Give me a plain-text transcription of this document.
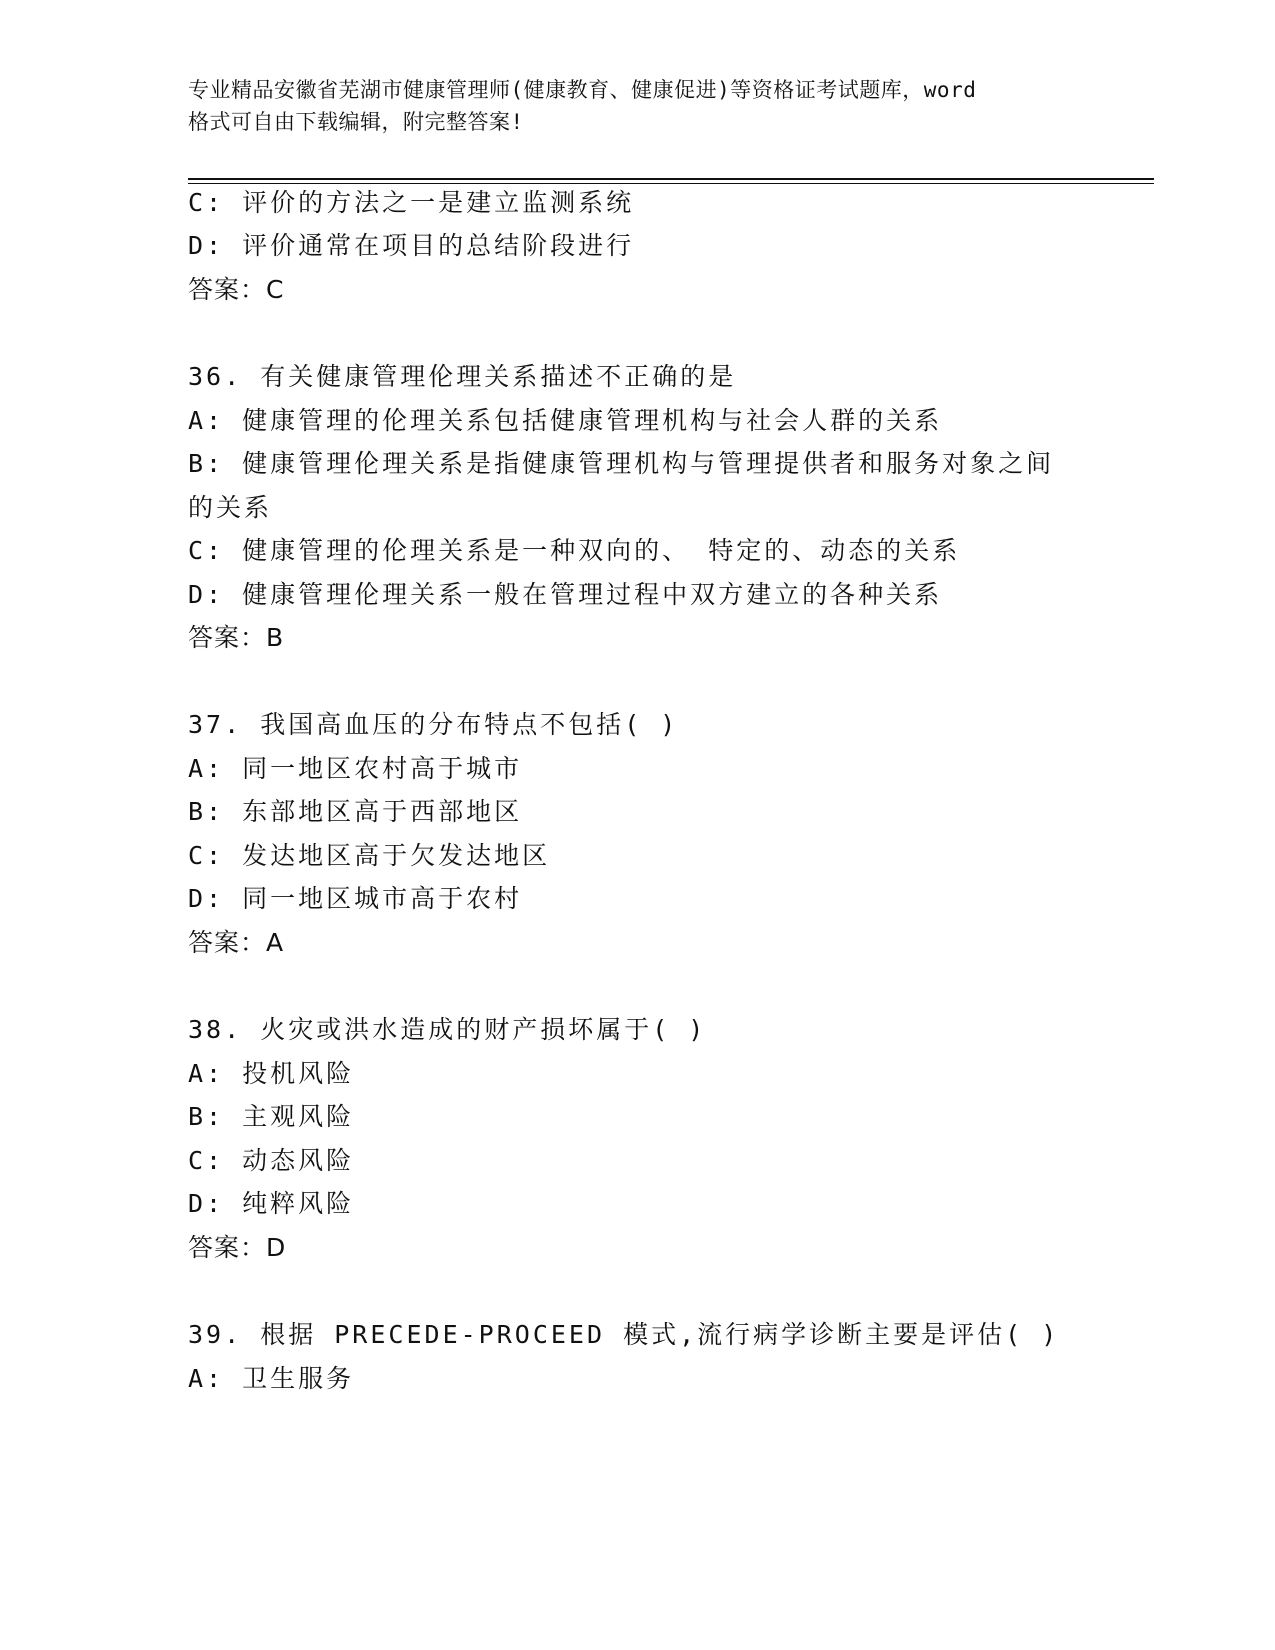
专业精品安徽省芜湖市健康管理师(健康教育、健康促进)等资格证考试题库，word
格式可自由下载编辑，附完整答案!
C: 评价的方法之一是建立监测系统
D: 评价通常在项目的总结阶段进行
答案：C
36. 有关健康管理伦理关系描述不正确的是
A: 健康管理的伦理关系包括健康管理机构与社会人群的关系
B: 健康管理伦理关系是指健康管理机构与管理提供者和服务对象之间
的关系
C: 健康管理的伦理关系是一种双向的、 特定的、动态的关系
D: 健康管理伦理关系一般在管理过程中双方建立的各种关系
答案：B
37. 我国高血压的分布特点不包括( )
A: 同一地区农村高于城市
B: 东部地区高于西部地区
C: 发达地区高于欠发达地区
D: 同一地区城市高于农村
答案：A
38. 火灾或洪水造成的财产损坏属于( )
A: 投机风险
B: 主观风险
C: 动态风险
D: 纯粹风险
答案：D
39. 根据 PRECEDE-PROCEED 模式,流行病学诊断主要是评估( )
A: 卫生服务
